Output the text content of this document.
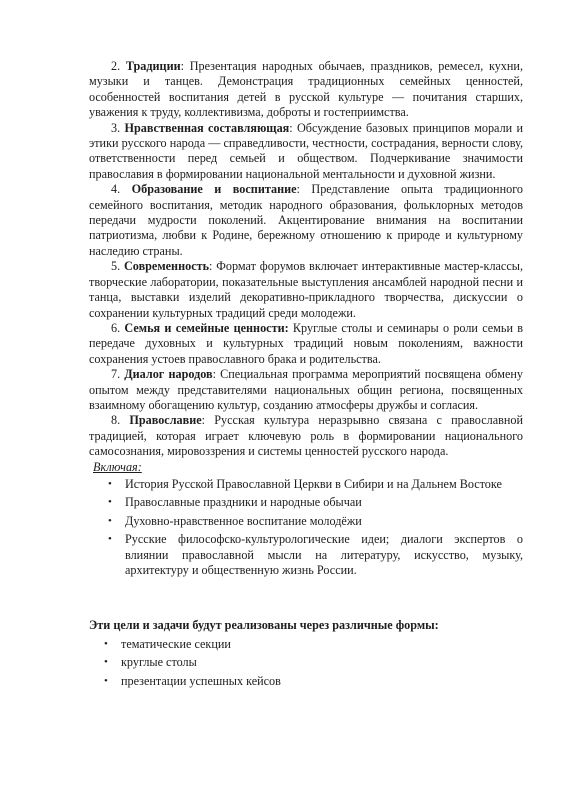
2. Традиции: Презентация народных обычаев, праздников, ремесел, кухни, музыки и танцев. Демонстрация традиционных семейных ценностей, особенностей воспитания детей в русской культуре — почитания старших, уважения к труду, коллективизма, доброты и гостеприимства.

3. Нравственная составляющая: Обсуждение базовых принципов морали и этики русского народа — справедливости, честности, сострадания, верности слову, ответственности перед семьей и обществом. Подчеркивание значимости православия в формировании национальной ментальности и духовной жизни.

4. Образование и воспитание: Представление опыта традиционного семейного воспитания, методик народного образования, фольклорных методов передачи мудрости поколений. Акцентирование внимания на воспитании патриотизма, любви к Родине, бережному отношению к природе и культурному наследию страны.

5. Современность: Формат форумов включает интерактивные мастер-классы, творческие лаборатории, показательные выступления ансамблей народной песни и танца, выставки изделий декоративно-прикладного творчества, дискуссии о сохранении культурных традиций среди молодежи.

6. Семья и семейные ценности: Круглые столы и семинары о роли семьи в передаче духовных и культурных традиций новым поколениям, важности сохранения устоев православного брака и родительства.

7. Диалог народов: Специальная программа мероприятий посвящена обмену опытом между представителями национальных общин региона, посвященных взаимному обогащению культур, созданию атмосферы дружбы и согласия.

8. Православие: Русская культура неразрывно связана с православной традицией, которая играет ключевую роль в формировании национального самосознания, мировоззрения и системы ценностей русского народа.

Включая:

• История Русской Православной Церкви в Сибири и на Дальнем Востоке
• Православные праздники и народные обычаи
• Духовно-нравственное воспитание молодёжи
• Русские философско-культурологические идеи; диалоги экспертов о влиянии православной мысли на литературу, искусство, музыку, архитектуру и общественную жизнь России.

Эти цели и задачи будут реализованы через различные формы:

• тематические секции
• круглые столы
• презентации успешных кейсов
